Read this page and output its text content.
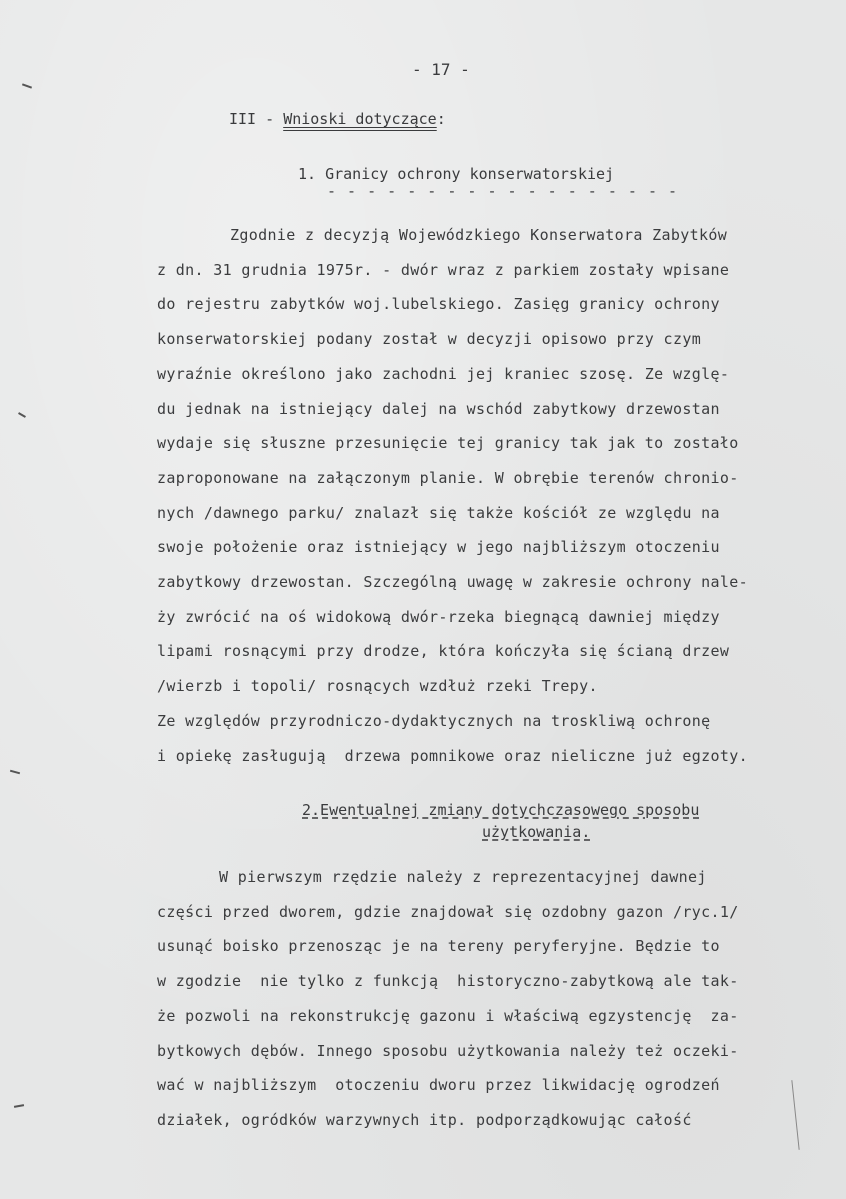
- 17 -
III - Wnioski dotyczące:
1. Granicy ochrony konserwatorskiej
- - - - - - - - - - - - - - - - - -
Zgodnie z decyzją Wojewódzkiego Konserwatora Zabytków
z dn. 31 grudnia 1975r. - dwór wraz z parkiem zostały wpisane
do rejestru zabytków woj.lubelskiego. Zasięg granicy ochrony
konserwatorskiej podany został w decyzji opisowo przy czym
wyraźnie określono jako zachodni jej kraniec szosę. Ze wzglę-
du jednak na istniejący dalej na wschód zabytkowy drzewostan
wydaje się słuszne przesunięcie tej granicy tak jak to zostało
zaproponowane na załączonym planie. W obrębie terenów chronio-
nych /dawnego parku/ znalazł się także kościół ze względu na
swoje położenie oraz istniejący w jego najbliższym otoczeniu
zabytkowy drzewostan. Szczególną uwagę w zakresie ochrony nale-
ży zwrócić na oś widokową dwór-rzeka biegnącą dawniej między
lipami rosnącymi przy drodze, która kończyła się ścianą drzew
/wierzb i topoli/ rosnących wzdłuż rzeki Trepy.
Ze względów przyrodniczo-dydaktycznych na troskliwą ochronę
i opiekę zasługują  drzewa pomnikowe oraz nieliczne już egzoty.
2.Ewentualnej zmiany dotychczasowego sposobu
użytkowania.
W pierwszym rzędzie należy z reprezentacyjnej dawnej
części przed dworem, gdzie znajdował się ozdobny gazon /ryc.1/
usunąć boisko przenosząc je na tereny peryferyjne. Będzie to
w zgodzie  nie tylko z funkcją  historyczno-zabytkową ale tak-
że pozwoli na rekonstrukcję gazonu i właściwą egzystencję  za-
bytkowych dębów. Innego sposobu użytkowania należy też oczeki-
wać w najbliższym  otoczeniu dworu przez likwidację ogrodzeń
działek, ogródków warzywnych itp. podporządkowując całość
